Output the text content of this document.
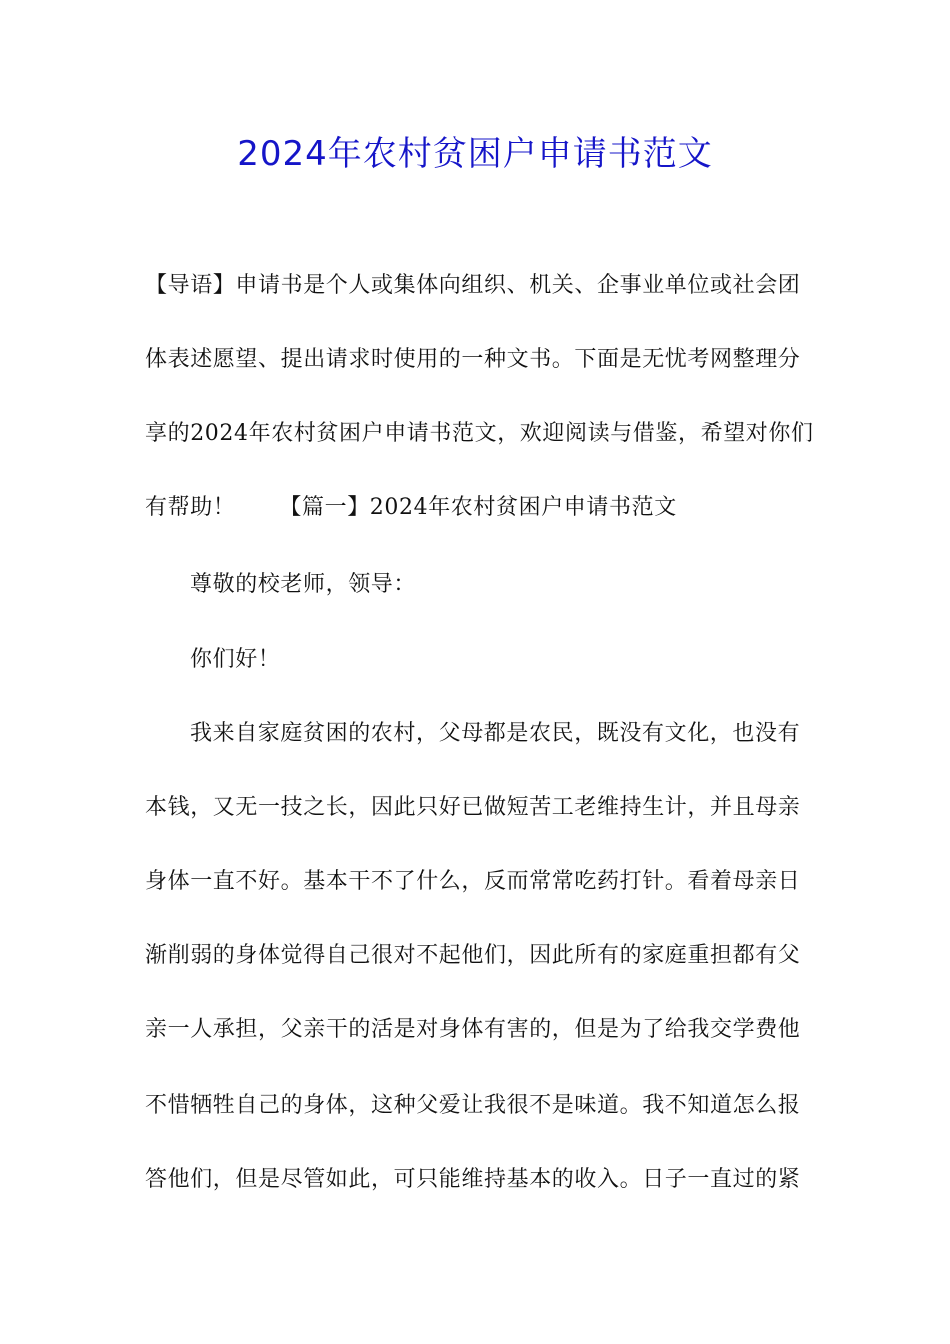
2024年农村贫困户申请书范文
【导语】申请书是个人或集体向组织、机关、企事业单位或社会团
体表述愿望、提出请求时使用的一种文书。下面是无忧考网整理分
享的2024年农村贫困户申请书范文，欢迎阅读与借鉴，希望对你们
有帮助！ 【篇一】2024年农村贫困户申请书范文
尊敬的校老师，领导：
你们好！
我来自家庭贫困的农村，父母都是农民，既没有文化，也没有
本钱，又无一技之长，因此只好已做短苦工老维持生计，并且母亲
身体一直不好。基本干不了什么，反而常常吃药打针。看着母亲日
渐削弱的身体觉得自己很对不起他们，因此所有的家庭重担都有父
亲一人承担，父亲干的活是对身体有害的，但是为了给我交学费他
不惜牺牲自己的身体，这种父爱让我很不是味道。我不知道怎么报
答他们，但是尽管如此，可只能维持基本的收入。日子一直过的紧
